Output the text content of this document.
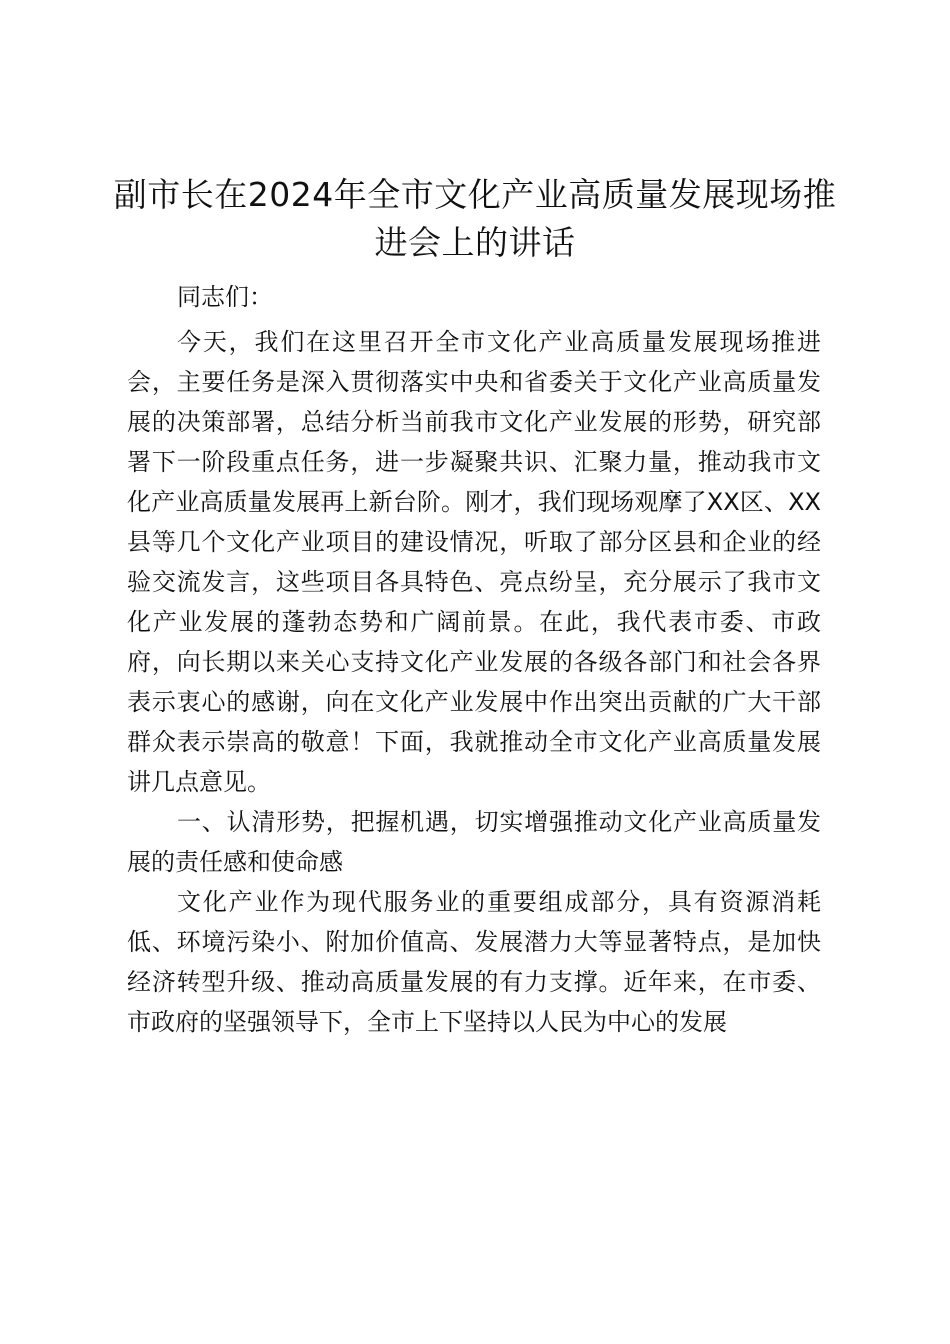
副市长在2024年全市文化产业高质量发展现场推进会上的讲话

同志们：

今天，我们在这里召开全市文化产业高质量发展现场推进会，主要任务是深入贯彻落实中央和省委关于文化产业高质量发展的决策部署，总结分析当前我市文化产业发展的形势，研究部署下一阶段重点任务，进一步凝聚共识、汇聚力量，推动我市文化产业高质量发展再上新台阶。刚才，我们现场观摩了XX区、XX县等几个文化产业项目的建设情况，听取了部分区县和企业的经验交流发言，这些项目各具特色、亮点纷呈，充分展示了我市文化产业发展的蓬勃态势和广阔前景。在此，我代表市委、市政府，向长期以来关心支持文化产业发展的各级各部门和社会各界表示衷心的感谢，向在文化产业发展中作出突出贡献的广大干部群众表示崇高的敬意！下面，我就推动全市文化产业高质量发展讲几点意见。

一、认清形势，把握机遇，切实增强推动文化产业高质量发展的责任感和使命感

文化产业作为现代服务业的重要组成部分，具有资源消耗低、环境污染小、附加价值高、发展潜力大等显著特点，是加快经济转型升级、推动高质量发展的有力支撑。近年来，在市委、市政府的坚强领导下，全市上下坚持以人民为中心的发展
